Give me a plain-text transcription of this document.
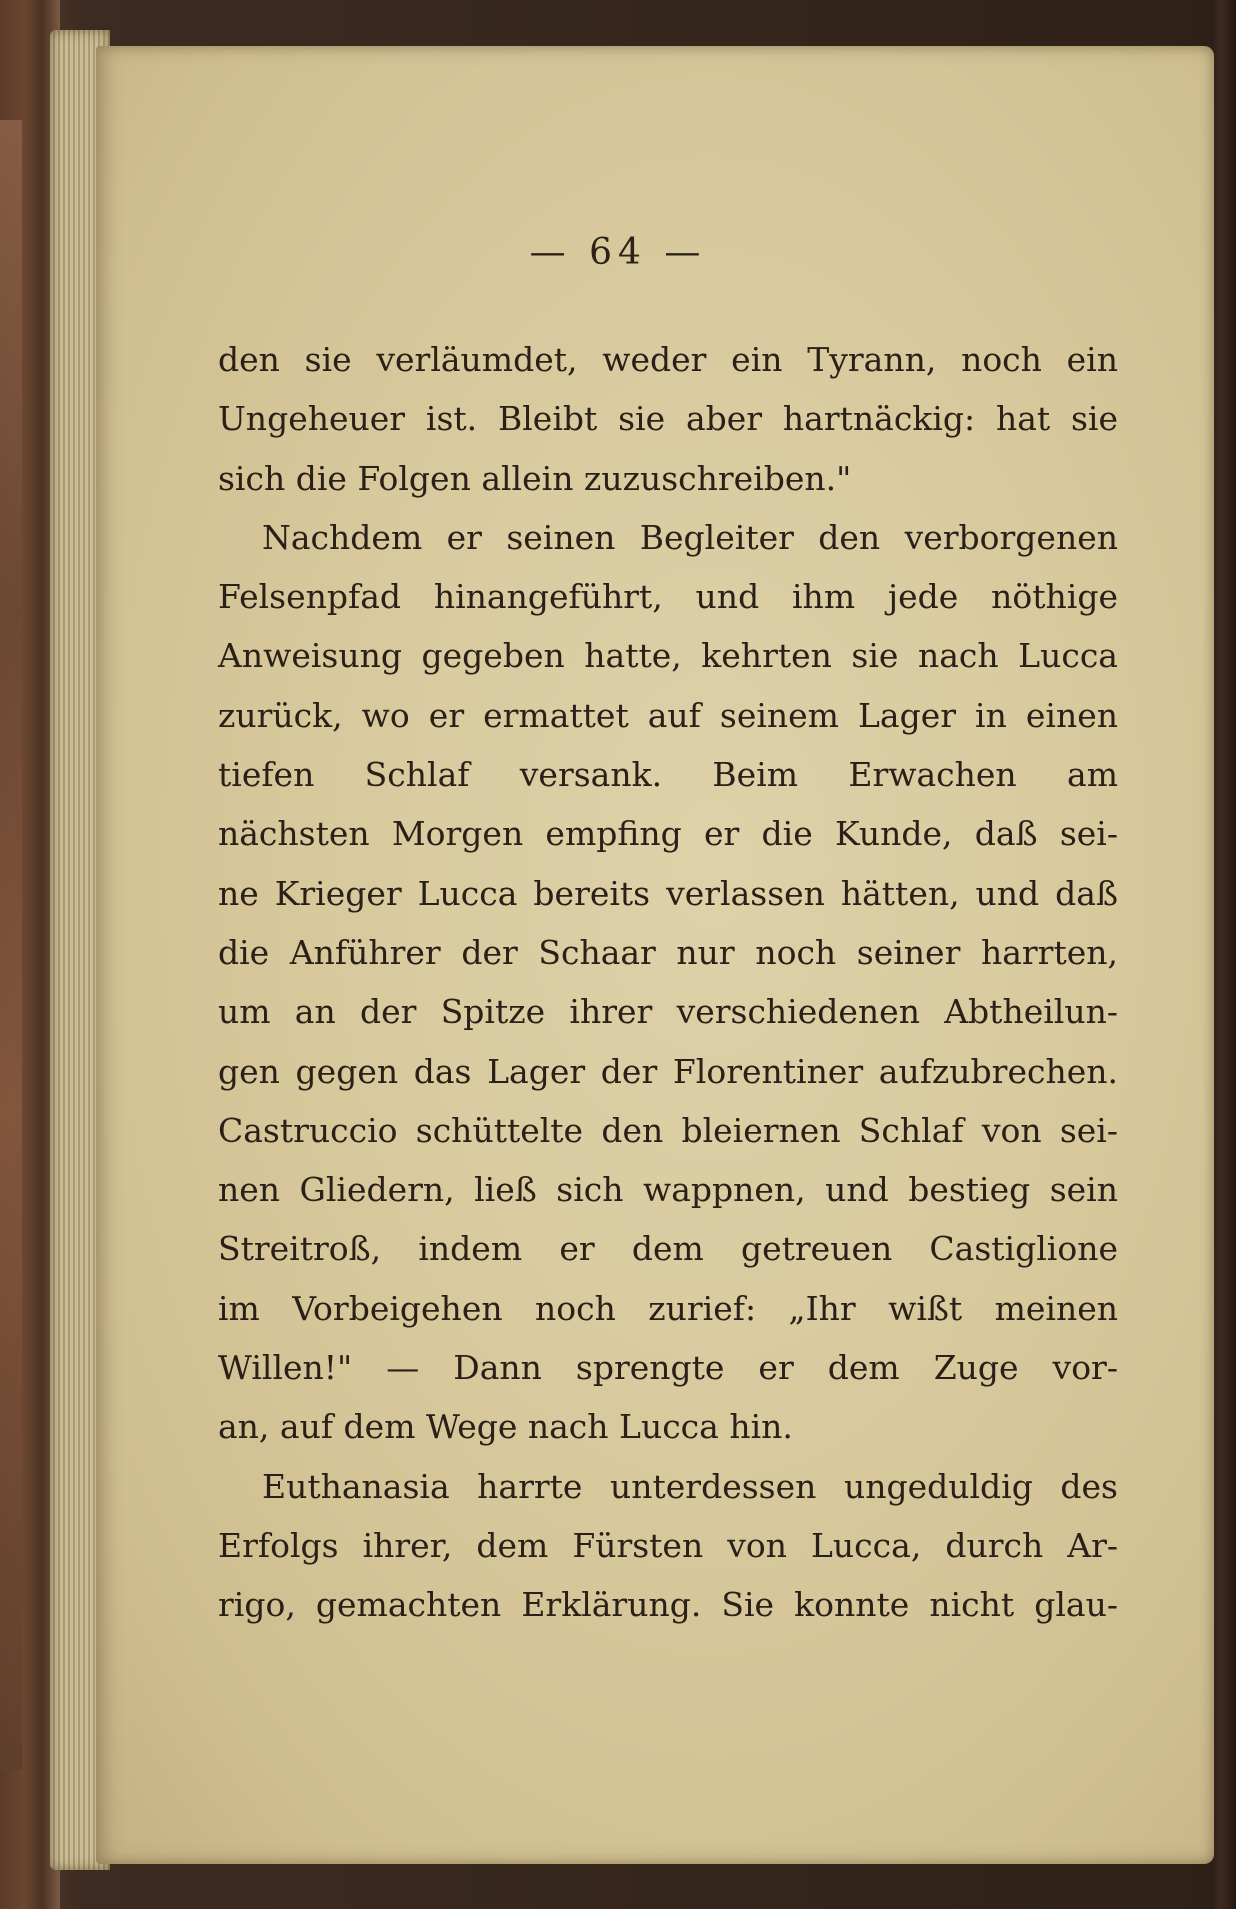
— 64 —
den sie verläumdet, weder ein Tyrann, noch ein
Ungeheuer ist. Bleibt sie aber hartnäckig: hat sie
sich die Folgen allein zuzuschreiben."
Nachdem er seinen Begleiter den verborgenen
Felsenpfad hinangeführt, und ihm jede nöthige
Anweisung gegeben hatte, kehrten sie nach Lucca
zurück, wo er ermattet auf seinem Lager in einen
tiefen Schlaf versank. Beim Erwachen am
nächsten Morgen empfing er die Kunde, daß sei-
ne Krieger Lucca bereits verlassen hätten, und daß
die Anführer der Schaar nur noch seiner harrten,
um an der Spitze ihrer verschiedenen Abtheilun-
gen gegen das Lager der Florentiner aufzubrechen.
Castruccio schüttelte den bleiernen Schlaf von sei-
nen Gliedern, ließ sich wappnen, und bestieg sein
Streitroß, indem er dem getreuen Castiglione
im Vorbeigehen noch zurief: „Ihr wißt meinen
Willen!" — Dann sprengte er dem Zuge vor-
an, auf dem Wege nach Lucca hin.
Euthanasia harrte unterdessen ungeduldig des
Erfolgs ihrer, dem Fürsten von Lucca, durch Ar-
rigo, gemachten Erklärung. Sie konnte nicht glau-
